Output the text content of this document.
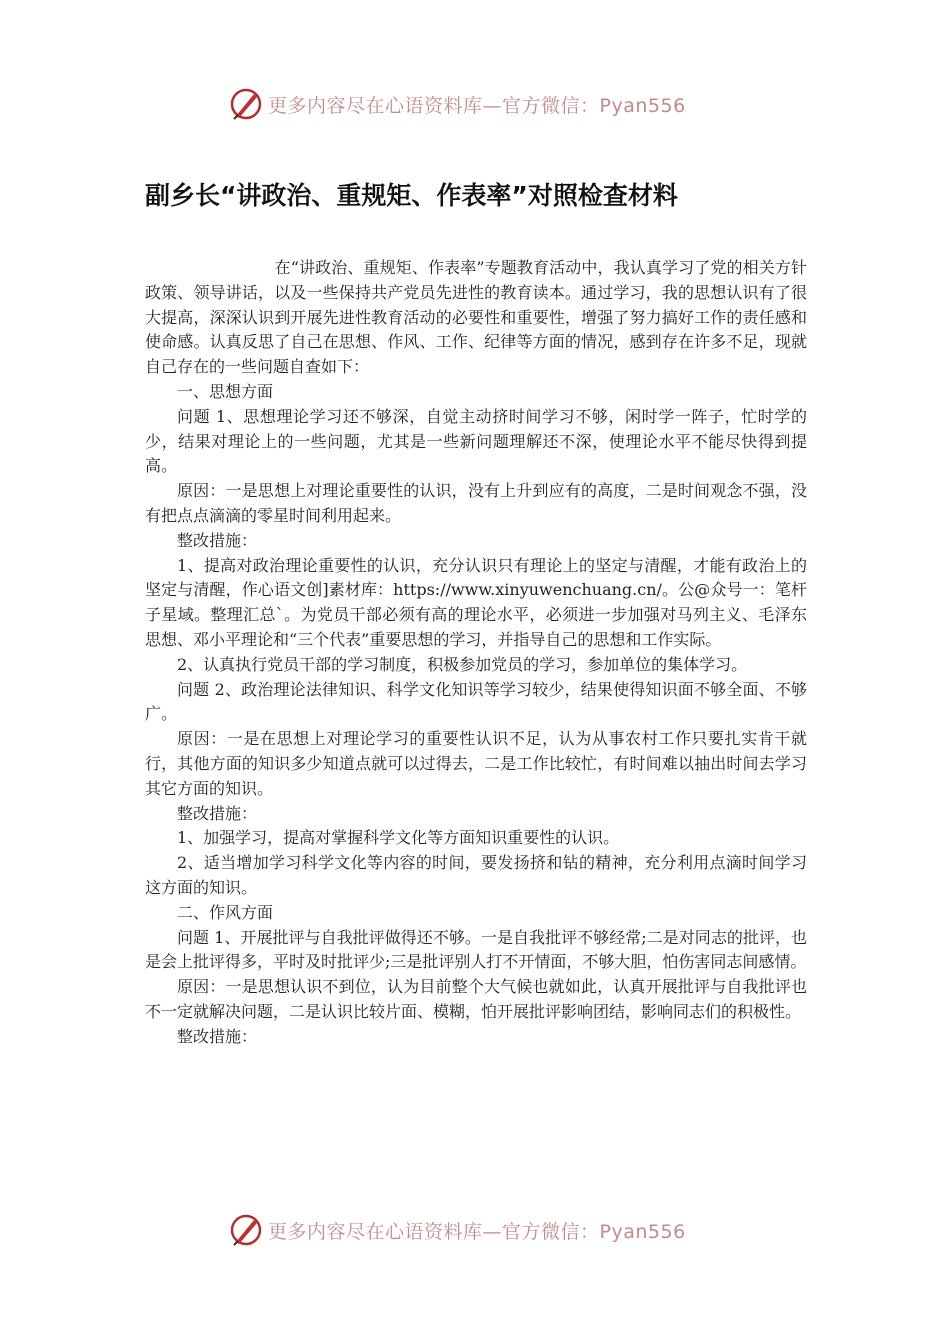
更多内容尽在心语资料库—官方微信：Pyan556
副乡长“讲政治、重规矩、作表率”对照检查材料

在“讲政治、重规矩、作表率”专题教育活动中，我认真学习了党的相关方针政策、领导讲话，以及一些保持共产党员先进性的教育读本。通过学习，我的思想认识有了很大提高，深深认识到开展先进性教育活动的必要性和重要性，增强了努力搞好工作的责任感和使命感。认真反思了自己在思想、作风、工作、纪律等方面的情况，感到存在许多不足，现就自己存在的一些问题自查如下：

一、思想方面

问题 1、思想理论学习还不够深，自觉主动挤时间学习不够，闲时学一阵子，忙时学的少，结果对理论上的一些问题，尤其是一些新问题理解还不深，使理论水平不能尽快得到提高。

原因：一是思想上对理论重要性的认识，没有上升到应有的高度，二是时间观念不强，没有把点点滴滴的零星时间利用起来。

整改措施：

1、提高对政治理论重要性的认识，充分认识只有理论上的坚定与清醒，才能有政治上的坚定与清醒，作心语文创]素材库：https://www.xinyuwenchuang.cn/。公@众号一：笔杆子星域。整理汇总`。为党员干部必须有高的理论水平，必须进一步加强对马列主义、毛泽东思想、邓小平理论和“三个代表”重要思想的学习，并指导自己的思想和工作实际。

2、认真执行党员干部的学习制度，积极参加党员的学习，参加单位的集体学习。

问题 2、政治理论法律知识、科学文化知识等学习较少，结果使得知识面不够全面、不够广。

原因：一是在思想上对理论学习的重要性认识不足，认为从事农村工作只要扎实肯干就行，其他方面的知识多少知道点就可以过得去，二是工作比较忙，有时间难以抽出时间去学习其它方面的知识。

整改措施：

1、加强学习，提高对掌握科学文化等方面知识重要性的认识。

2、适当增加学习科学文化等内容的时间，要发扬挤和钻的精神，充分利用点滴时间学习这方面的知识。

二、作风方面

问题 1、开展批评与自我批评做得还不够。一是自我批评不够经常;二是对同志的批评，也是会上批评得多，平时及时批评少;三是批评别人打不开情面，不够大胆，怕伤害同志间感情。

原因：一是思想认识不到位，认为目前整个大气候也就如此，认真开展批评与自我批评也不一定就解决问题，二是认识比较片面、模糊，怕开展批评影响团结，影响同志们的积极性。

整改措施：

更多内容尽在心语资料库—官方微信：Pyan556
